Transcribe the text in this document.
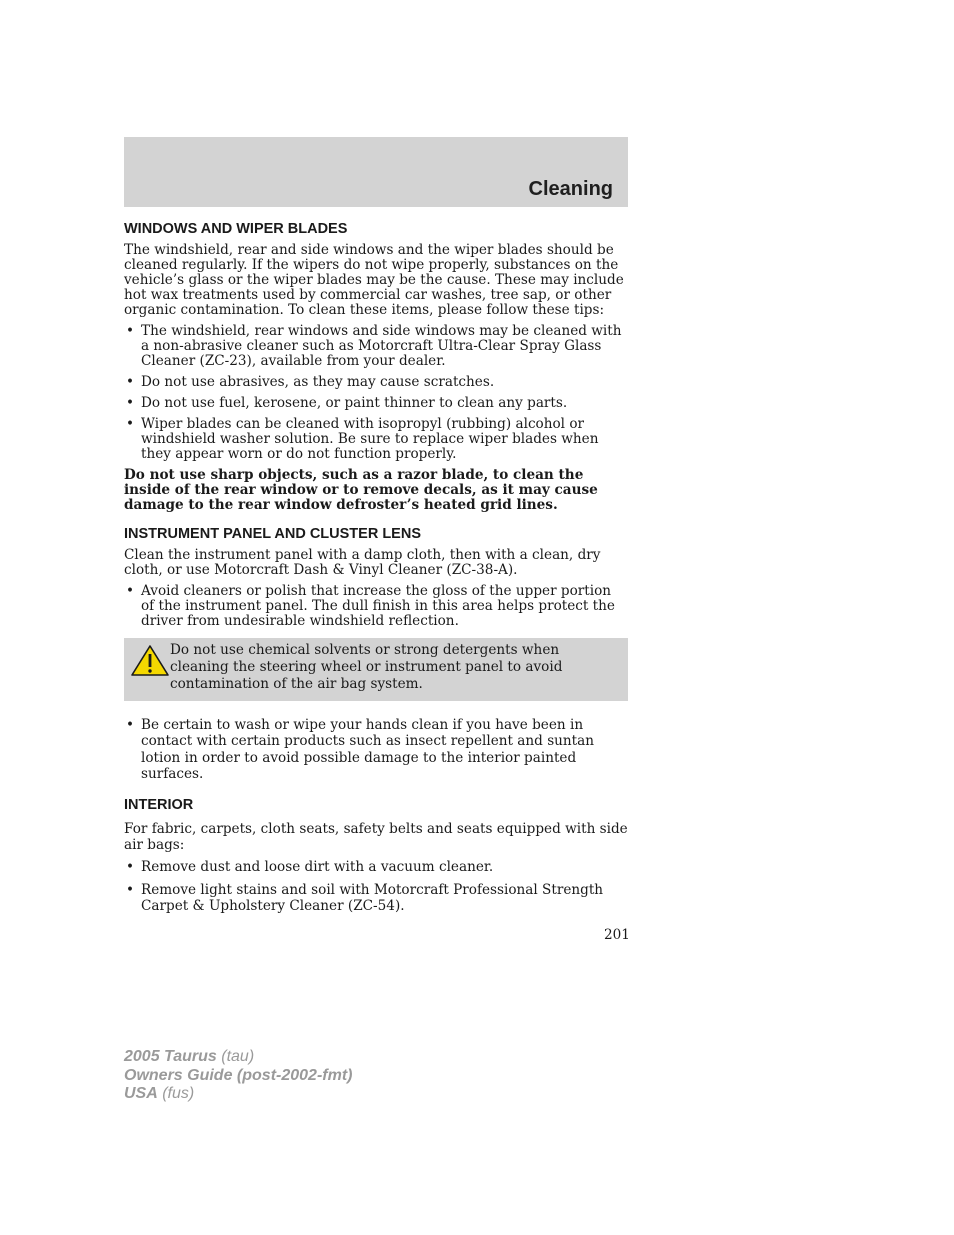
Cleaning
WINDOWS AND WIPER BLADES

The windshield, rear and side windows and the wiper blades should be cleaned regularly. If the wipers do not wipe properly, substances on the vehicle’s glass or the wiper blades may be the cause. These may include hot wax treatments used by commercial car washes, tree sap, or other organic contamination. To clean these items, please follow these tips:

• The windshield, rear windows and side windows may be cleaned with a non-abrasive cleaner such as Motorcraft Ultra-Clear Spray Glass Cleaner (ZC-23), available from your dealer.
• Do not use abrasives, as they may cause scratches.
• Do not use fuel, kerosene, or paint thinner to clean any parts.
• Wiper blades can be cleaned with isopropyl (rubbing) alcohol or windshield washer solution. Be sure to replace wiper blades when they appear worn or do not function properly.

Do not use sharp objects, such as a razor blade, to clean the inside of the rear window or to remove decals, as it may cause damage to the rear window defroster’s heated grid lines.

INSTRUMENT PANEL AND CLUSTER LENS

Clean the instrument panel with a damp cloth, then with a clean, dry cloth, or use Motorcraft Dash & Vinyl Cleaner (ZC-38-A).

• Avoid cleaners or polish that increase the gloss of the upper portion of the instrument panel. The dull finish in this area helps protect the driver from undesirable windshield reflection.
Do not use chemical solvents or strong detergents when cleaning the steering wheel or instrument panel to avoid contamination of the air bag system.
• Be certain to wash or wipe your hands clean if you have been in contact with certain products such as insect repellent and suntan lotion in order to avoid possible damage to the interior painted surfaces.
INTERIOR

For fabric, carpets, cloth seats, safety belts and seats equipped with side air bags:

• Remove dust and loose dirt with a vacuum cleaner.
• Remove light stains and soil with Motorcraft Professional Strength Carpet & Upholstery Cleaner (ZC-54).
201
2005 Taurus (tau)
Owners Guide (post-2002-fmt)
USA (fus)
